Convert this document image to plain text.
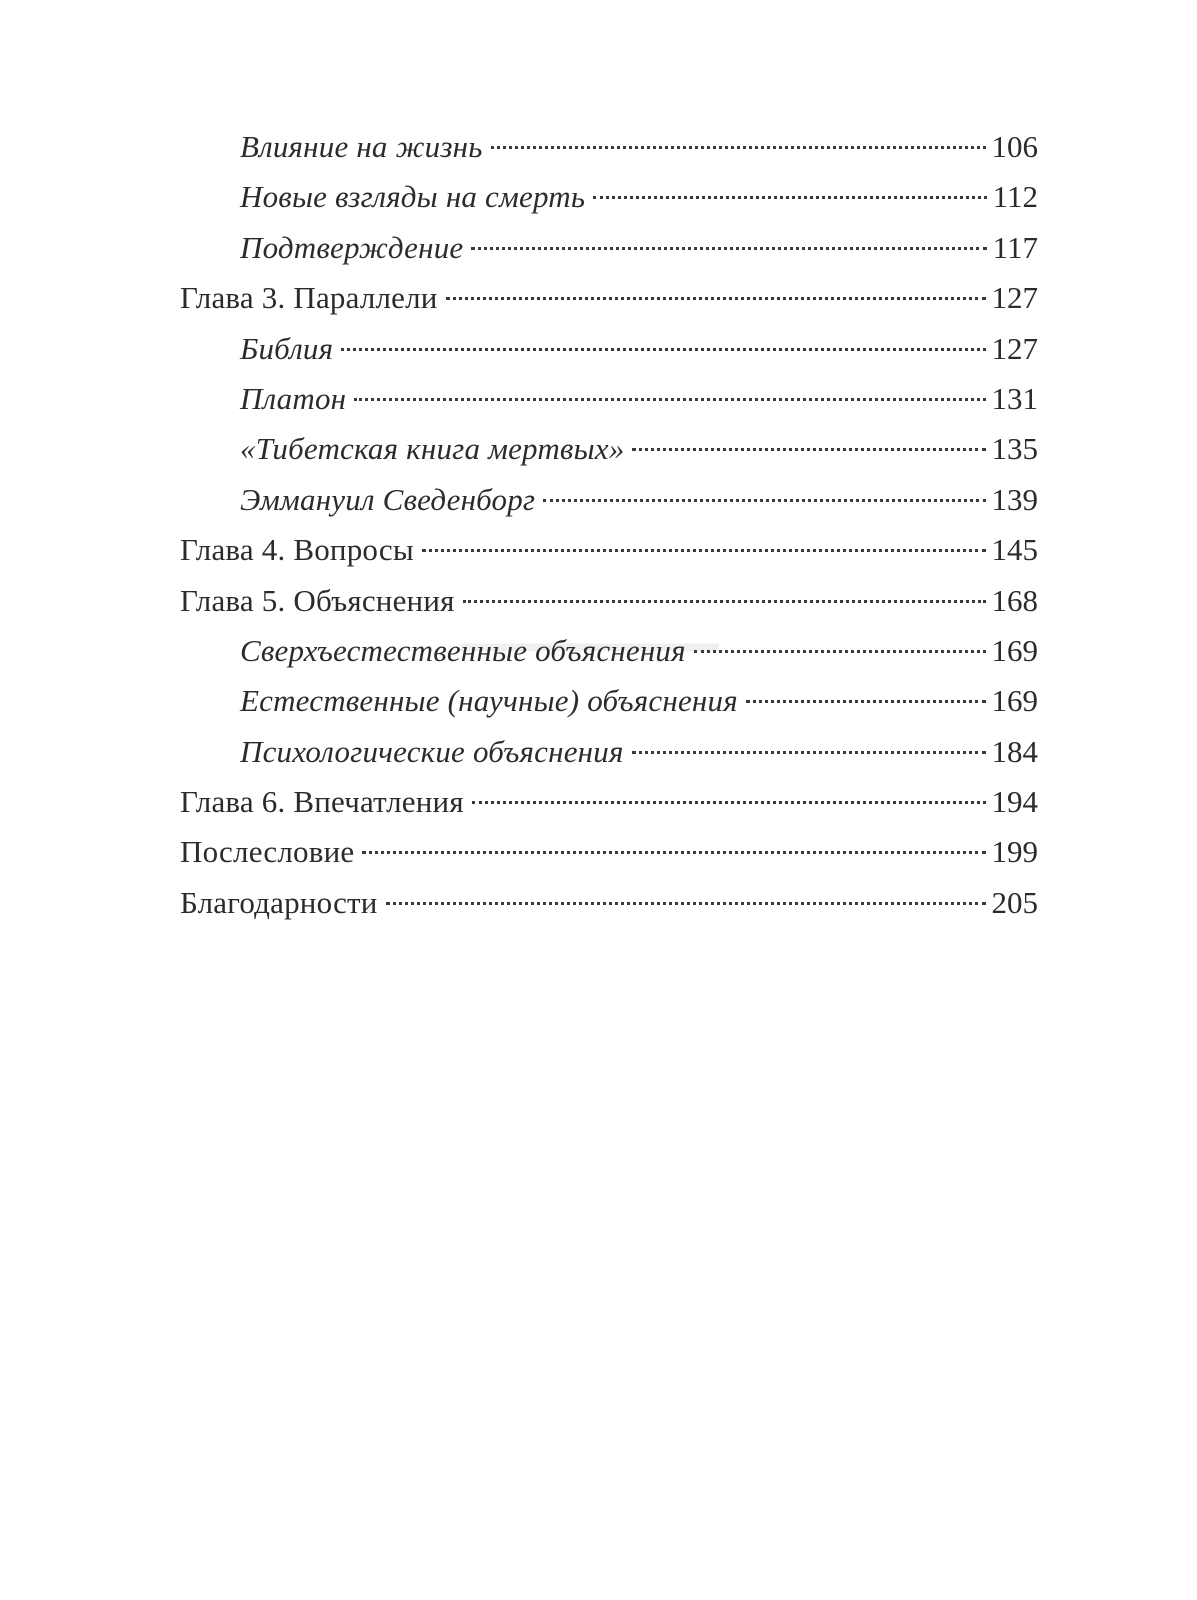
▁▁▁▁▁▁▁
Влияние на жизнь	106
Новые взгляды на смерть	112
Подтверждение	117
Глава 3. Параллели	127
Библия	127
Платон	131
«Тибетская книга мертвых»	135
Эммануил Сведенборг	139
Глава 4. Вопросы	145
Глава 5. Объяснения	168
Сверхъестественные объяснения	169
Естественные (научные) объяснения	169
Психологические объяснения	184
Глава 6. Впечатления	194
Послесловие	199
Благодарности	205
